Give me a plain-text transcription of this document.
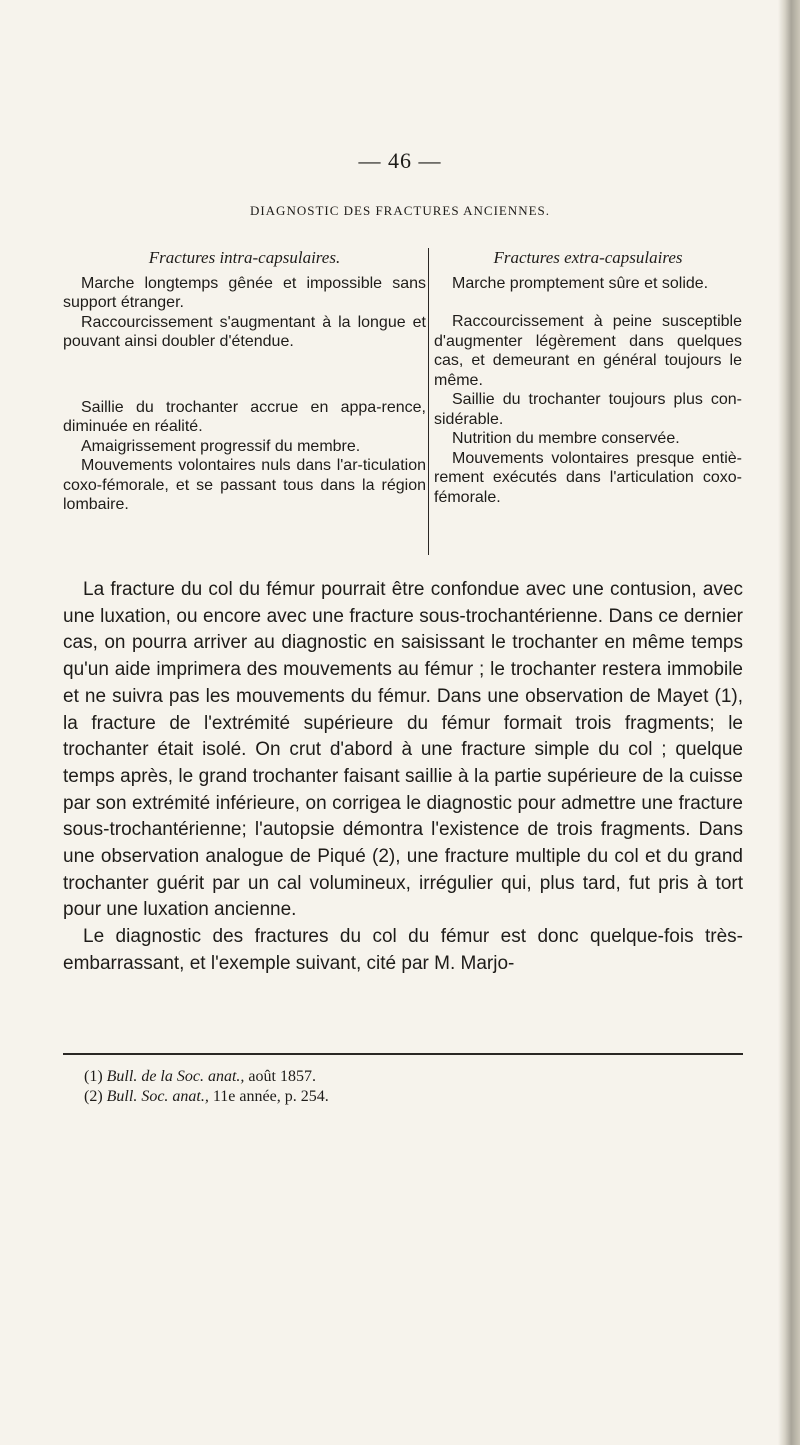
— 46 —
DIAGNOSTIC DES FRACTURES ANCIENNES.
Fractures intra-capsulaires.

Marche longtemps gênée et impossible sans support étranger.

Raccourcissement s'augmentant à la longue et pouvant ainsi doubler d'étendue.

Saillie du trochanter accrue en appa-rence, diminuée en réalité.

Amaigrissement progressif du membre.

Mouvements volontaires nuls dans l'ar-ticulation coxo-fémorale, et se passant tous dans la région lombaire.

Fractures extra-capsulaires

Marche promptement sûre et solide.

Raccourcissement à peine susceptible d'augmenter légèrement dans quelques cas, et demeurant en général toujours le même.

Saillie du trochanter toujours plus con-sidérable.

Nutrition du membre conservée.

Mouvements volontaires presque entiè-rement exécutés dans l'articulation coxo-fémorale.

La fracture du col du fémur pourrait être confondue avec une contusion, avec une luxation, ou encore avec une fracture sous-trochantérienne. Dans ce dernier cas, on pourra arriver au diagnostic en saisissant le trochanter en même temps qu'un aide imprimera des mouvements au fémur ; le trochanter restera immobile et ne suivra pas les mouvements du fémur. Dans une observation de Mayet (1), la fracture de l'extrémité supérieure du fémur formait trois fragments; le trochanter était isolé. On crut d'abord à une fracture simple du col ; quelque temps après, le grand trochanter faisant saillie à la partie supérieure de la cuisse par son extrémité inférieure, on corrigea le diagnostic pour admettre une fracture sous-trochantérienne; l'autopsie démontra l'existence de trois fragments. Dans une observation analogue de Piqué (2), une fracture multiple du col et du grand trochanter guérit par un cal volumineux, irrégulier qui, plus tard, fut pris à tort pour une luxation ancienne.

Le diagnostic des fractures du col du fémur est donc quelque-fois très-embarrassant, et l'exemple suivant, cité par M. Marjo-

(1) Bull. de la Soc. anat., août 1857.

(2) Bull. Soc. anat., 11e année, p. 254.
